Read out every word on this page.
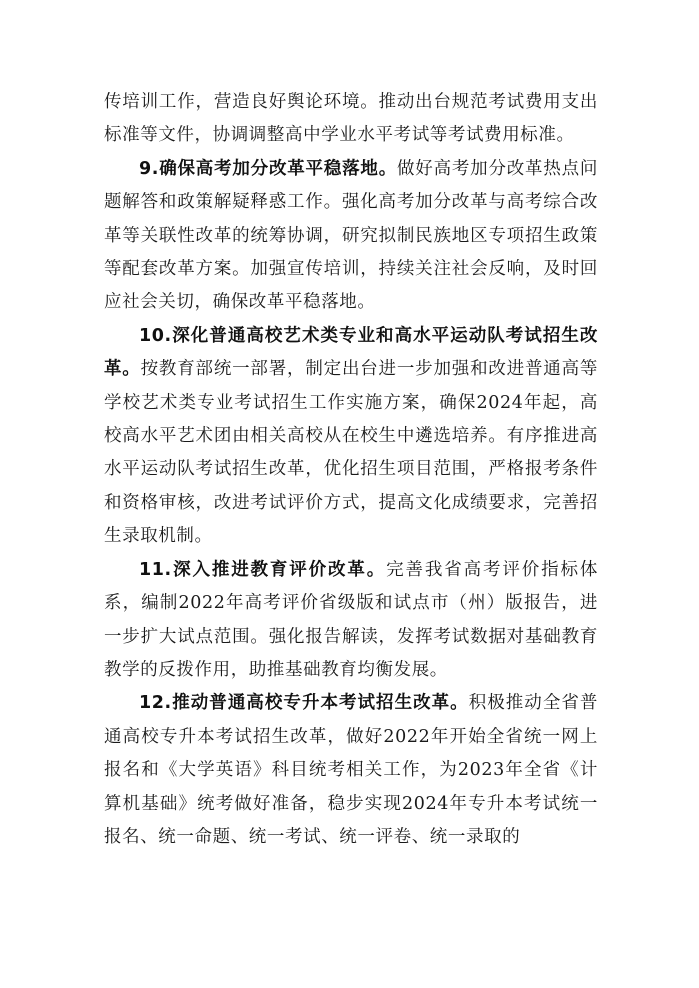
传培训工作，营造良好舆论环境。推动出台规范考试费用支出标准等文件，协调调整高中学业水平考试等考试费用标准。

9.确保高考加分改革平稳落地。做好高考加分改革热点问题解答和政策解疑释惑工作。强化高考加分改革与高考综合改革等关联性改革的统筹协调，研究拟制民族地区专项招生政策等配套改革方案。加强宣传培训，持续关注社会反响，及时回应社会关切，确保改革平稳落地。

10.深化普通高校艺术类专业和高水平运动队考试招生改革。按教育部统一部署，制定出台进一步加强和改进普通高等学校艺术类专业考试招生工作实施方案，确保2024年起，高校高水平艺术团由相关高校从在校生中遴选培养。有序推进高水平运动队考试招生改革，优化招生项目范围，严格报考条件和资格审核，改进考试评价方式，提高文化成绩要求，完善招生录取机制。

11.深入推进教育评价改革。完善我省高考评价指标体系，编制2022年高考评价省级版和试点市（州）版报告，进一步扩大试点范围。强化报告解读，发挥考试数据对基础教育教学的反拨作用，助推基础教育均衡发展。

12.推动普通高校专升本考试招生改革。积极推动全省普通高校专升本考试招生改革，做好2022年开始全省统一网上报名和《大学英语》科目统考相关工作，为2023年全省《计算机基础》统考做好准备，稳步实现2024年专升本考试统一报名、统一命题、统一考试、统一评卷、统一录取的
